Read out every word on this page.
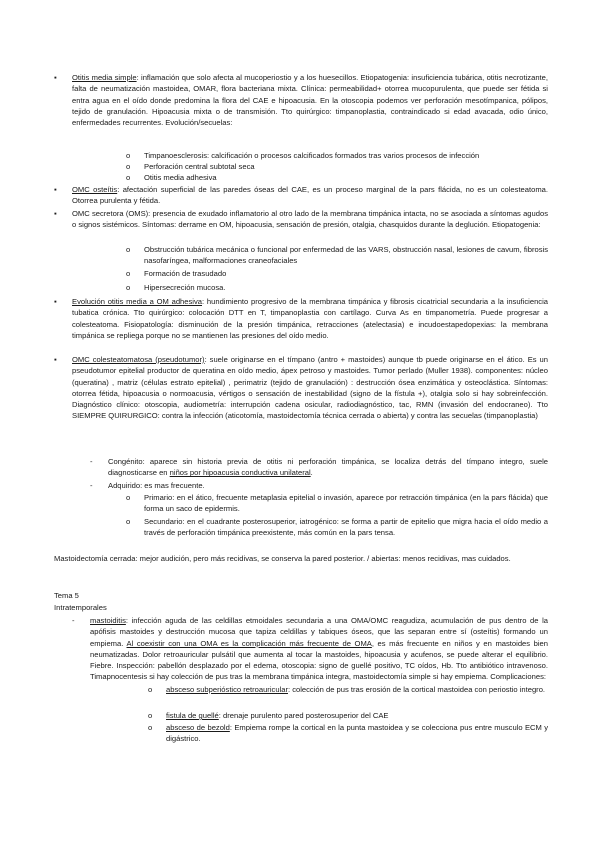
▪ Otitis media simple: inflamación que solo afecta al mucoperiostio y a los huesecillos. Etiopatogenia: insuficiencia tubárica, otitis necrotizante, falta de neumatización mastoidea, OMAR, flora bacteriana mixta. Clínica: permeabilidad+ otorrea mucopurulenta, que puede ser fétida si entra agua en el oído donde predomina la flora del CAE e hipoacusia. En la otoscopia podemos ver perforación mesotímpanica, pólipos, tejido de granulación. Hipoacusia mixta o de transmisión. Tto quirúrgico: timpanoplastia, contraindicado si edad avacada, odio único, enfermedades recurrentes. Evolución/secuelas:
o Timpanoesclerosis: calcificación o procesos calcificados formados tras varios procesos de infección
o Perforación central subtotal seca
o Otitis media adhesiva
▪ OMC osteítis: afectación superficial de las paredes óseas del CAE, es un proceso marginal de la pars flácida, no es un colesteatoma. Otorrea purulenta y fétida.
▪ OMC secretora (OMS): presencia de exudado inflamatorio al otro lado de la membrana timpánica intacta, no se asociada a síntomas agudos o signos sistémicos. Síntomas: derrame en OM, hipoacusia, sensación de presión, otalgia, chasquidos durante la deglución. Etiopatogenia:
o Obstrucción tubárica mecánica o funcional por enfermedad de las VARS, obstrucción nasal, lesiones de cavum, fibrosis nasofaríngea, malformaciones craneofaciales
o Formación de trasudado
o Hipersecreción mucosa.
▪ Evolución otitis media a OM adhesiva: hundimiento progresivo de la membrana timpánica y fibrosis cicatricial secundaria a la insuficiencia tubatica crónica. Tto quirúrgico: colocación DTT en T, timpanoplastia con cartílago. Curva As en timpanometría. Puede progresar a colesteatoma. Fisiopatología: disminución de la presión timpánica, retracciones (atelectasia) e incudoestapedopexias: la membrana timpánica se repliega porque no se mantienen las presiones del oído medio.
▪ OMC colesteatomatosa (pseudotumor): suele originarse en el tímpano (antro + mastoides) aunque tb puede originarse en el ático. Es un pseudotumor epitelial productor de queratina en oído medio, ápex petroso y mastoides. Tumor perlado (Muller 1938). componentes: núcleo (queratina) , matriz (células estrato epitelial) , perimatriz (tejido de granulación) : destrucción ósea enzimática y osteoclástica. Síntomas: otorrea fétida, hipoacusia o normoacusia, vértigos o sensación de inestabilidad (signo de la fístula +), otalgia solo si hay sobreinfección. Diagnóstico clínico: otoscopia, audiometría: interrupción cadena osicular, radiodiagnóstico, tac, RMN (invasión del endocraneo). Tto SIEMPRE QUIRURGICO: contra la infección (aticotomía, mastoidectomía técnica cerrada o abierta) y contra las secuelas (timpanoplastia)
- Congénito: aparece sin historia previa de otitis ni perforación timpánica, se localiza detrás del tímpano integro, suele diagnosticarse en niños por hipoacusia conductiva unilateral.
- Adquirido: es mas frecuente.
o Primario: en el ático, frecuente metaplasia epitelial o invasión, aparece por retracción timpánica (en la pars flácida) que forma un saco de epidermis.
o Secundario: en el cuadrante posterosuperior, iatrogénico: se forma a partir de epitelio que migra hacia el oído medio a través de perforación timpánica preexistente, más común en la pars tensa.
Mastoidectomía cerrada: mejor audición, pero más recidivas, se conserva la pared posterior. / abiertas: menos recidivas, mas cuidados.
Tema 5
Intratemporales
- mastoiditis: infección aguda de las celdillas etmoidales secundaria a una OMA/OMC reagudiza, acumulación de pus dentro de la apófisis mastoides y destrucción mucosa que tapiza celdillas y tabiques óseos, que las separan entre sí (osteítis) formando un empiema. Al coexistir con una OMA es la complicación más frecuente de OMA, es más frecuente en niños y en mastoides bien neumatizadas. Dolor retroauricular pulsátil que aumenta al tocar la mastoides, hipoacusia y acufenos, se puede alterar el equilibrio. Fiebre. Inspección: pabellón desplazado por el edema, otoscopia: signo de guellé positivo, TC oídos, Hb. Tto antibiótico intravenoso. Timapnocentesis si hay colección de pus tras la membrana timpánica integra, mastoidectomía simple si hay empiema. Complicaciones:
o absceso subperióstico retroauricular: colección de pus tras erosión de la cortical mastoidea con periostio integro.
o fistula de guellé: drenaje purulento pared posterosuperior del CAE
o absceso de bezold: Empiema rompe la cortical en la punta mastoidea y se colecciona pus entre musculo ECM y digástrico.
